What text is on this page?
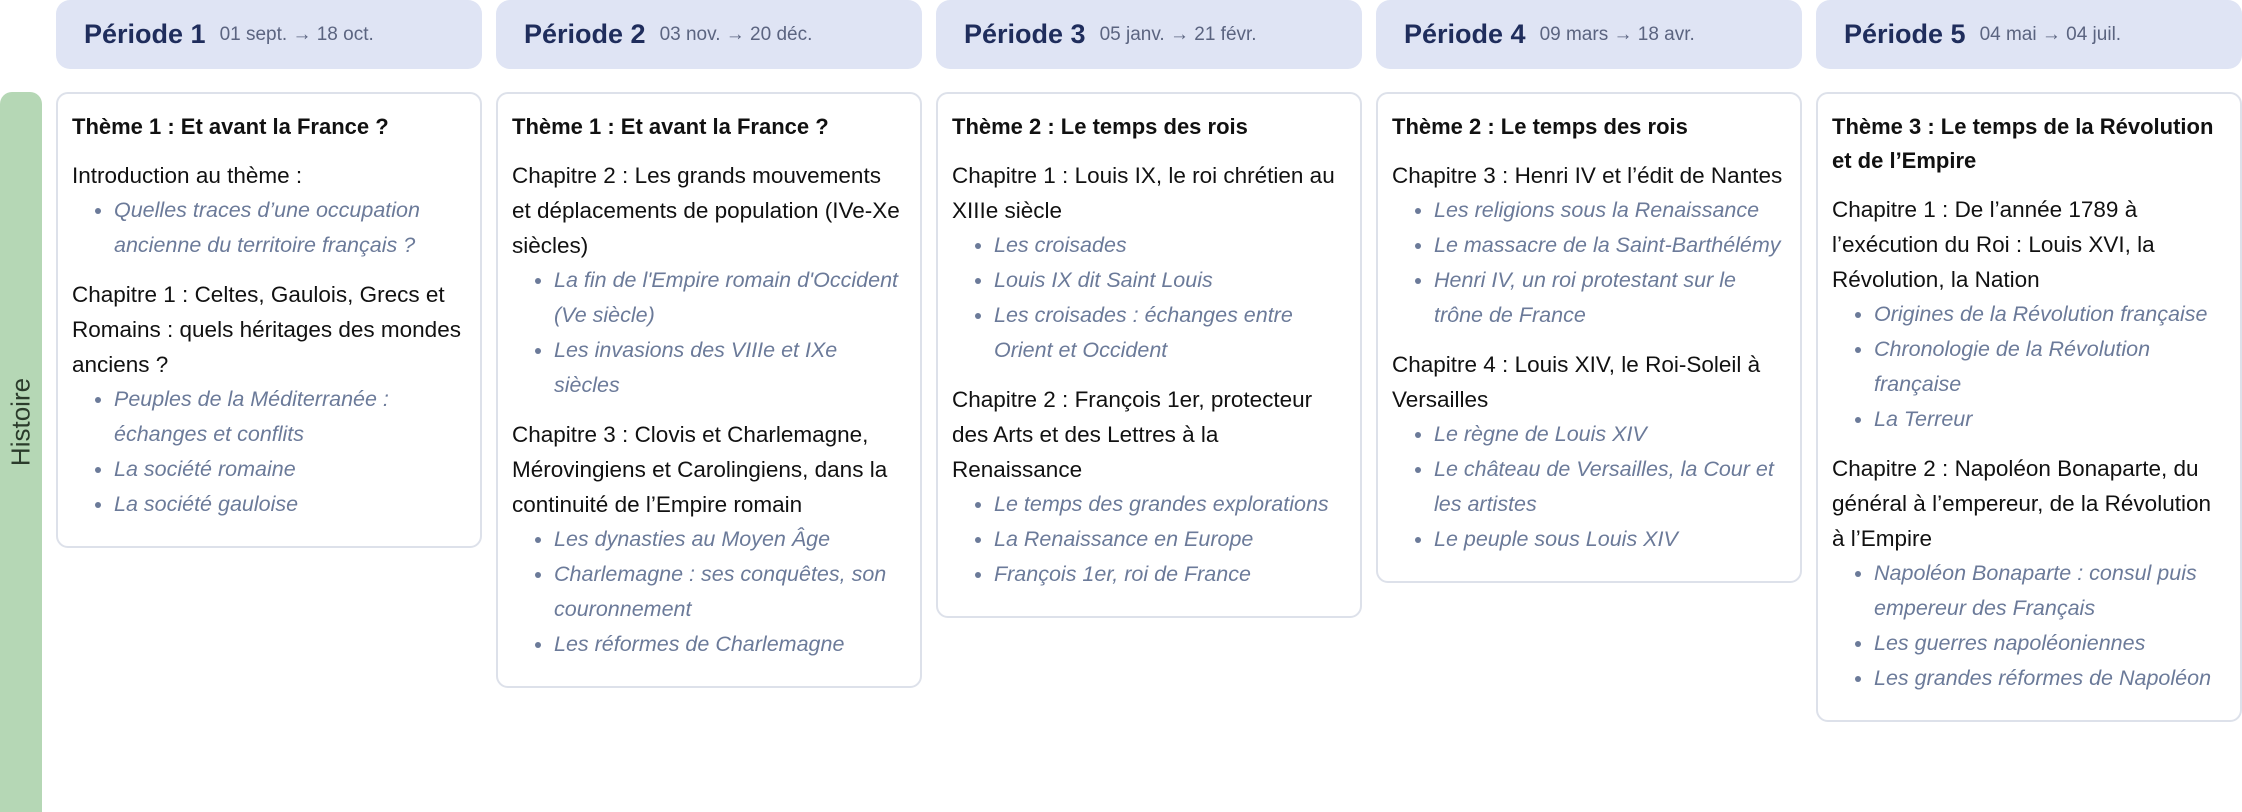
Histoire
Période 1 01 sept. → 18 oct.
Thème 1 : Et avant la France ?
Introduction au thème :
• Quelles traces d’une occupation ancienne du territoire français ?
Chapitre 1 : Celtes, Gaulois, Grecs et Romains : quels héritages des mondes anciens ?
• Peuples de la Méditerranée : échanges et conflits
• La société romaine
• La société gauloise
Période 2 03 nov. → 20 déc.
Thème 1 : Et avant la France ?
Chapitre 2 : Les grands mouvements et déplacements de population (IVe-Xe siècles)
• La fin de l'Empire romain d'Occident (Ve siècle)
• Les invasions des VIIIe et IXe siècles
Chapitre 3 : Clovis et Charlemagne, Mérovingiens et Carolingiens, dans la continuité de l’Empire romain
• Les dynasties au Moyen Âge
• Charlemagne : ses conquêtes, son couronnement
• Les réformes de Charlemagne
Période 3 05 janv. → 21 févr.
Thème 2 : Le temps des rois
Chapitre 1 : Louis IX, le roi chrétien au XIIIe siècle
• Les croisades
• Louis IX dit Saint Louis
• Les croisades : échanges entre Orient et Occident
Chapitre 2 : François 1er, protecteur des Arts et des Lettres à la Renaissance
• Le temps des grandes explorations
• La Renaissance en Europe
• François 1er, roi de France
Période 4 09 mars → 18 avr.
Thème 2 : Le temps des rois
Chapitre 3 : Henri IV et l’édit de Nantes
• Les religions sous la Renaissance
• Le massacre de la Saint-Barthélémy
• Henri IV, un roi protestant sur le trône de France
Chapitre 4 : Louis XIV, le Roi-Soleil à Versailles
• Le règne de Louis XIV
• Le château de Versailles, la Cour et les artistes
• Le peuple sous Louis XIV
Période 5 04 mai → 04 juil.
Thème 3 : Le temps de la Révolution et de l’Empire
Chapitre 1 : De l’année 1789 à l’exécution du Roi : Louis XVI, la Révolution, la Nation
• Origines de la Révolution française
• Chronologie de la Révolution française
• La Terreur
Chapitre 2 : Napoléon Bonaparte, du général à l’empereur, de la Révolution à l’Empire
• Napoléon Bonaparte : consul puis empereur des Français
• Les guerres napoléoniennes
• Les grandes réformes de Napoléon
